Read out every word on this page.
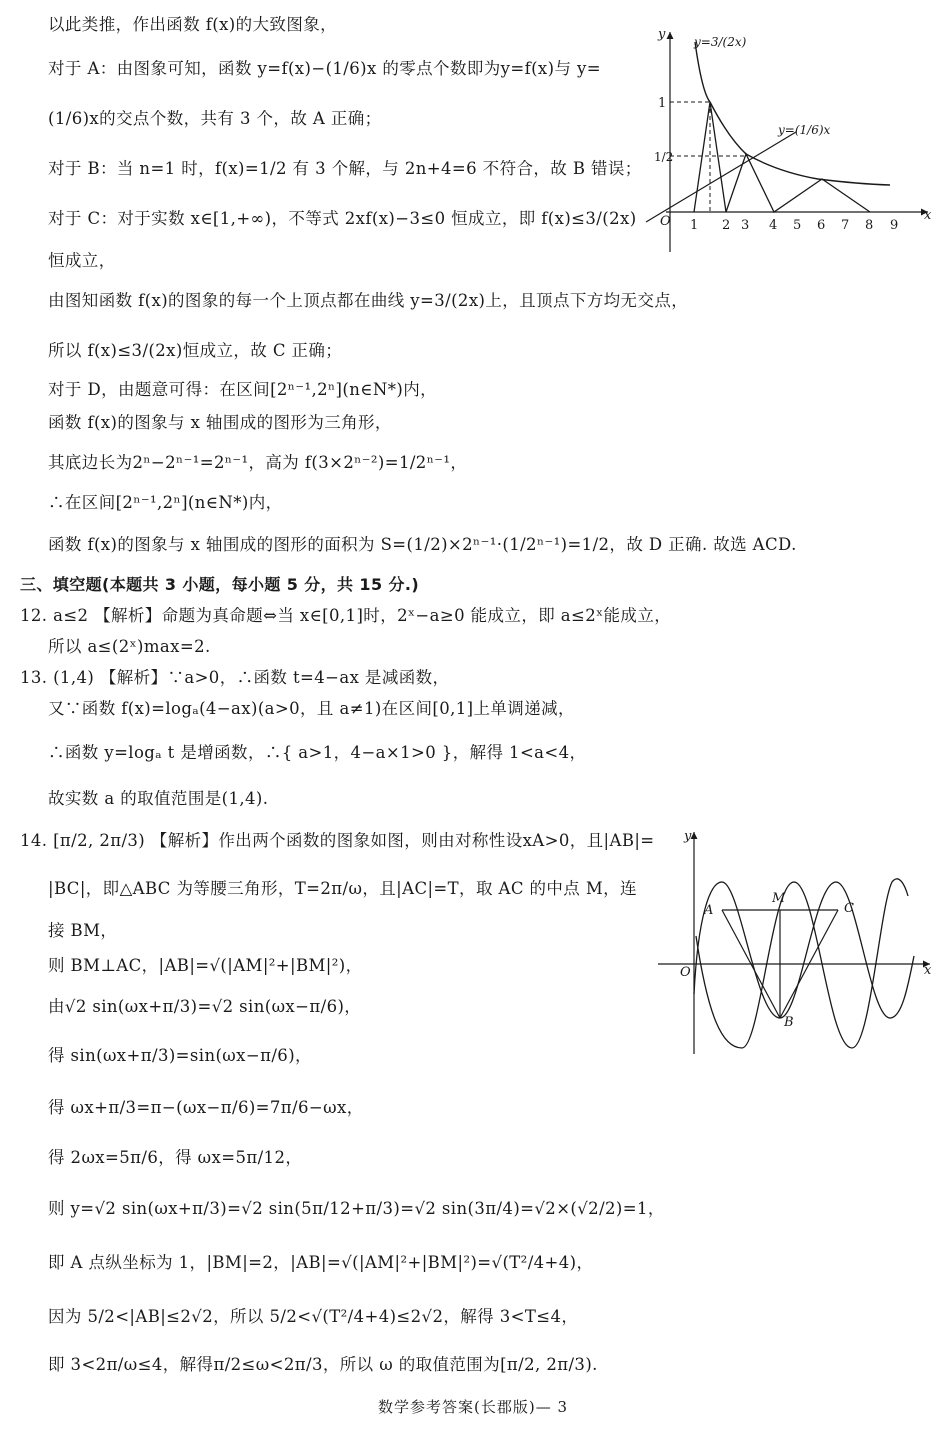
以此类推，作出函数 f(x)的大致图象，
对于 A：由图象可知，函数 y=f(x)−(1/6)x 的零点个数即为y=f(x)与 y=
(1/6)x的交点个数，共有 3 个，故 A 正确；
对于 B：当 n=1 时，f(x)=1/2 有 3 个解，与 2n+4=6 不符合，故 B 错误；
对于 C：对于实数 x∈[1,+∞)，不等式 2xf(x)−3≤0 恒成立，即 f(x)≤3/(2x)
恒成立，
由图知函数 f(x)的图象的每一个上顶点都在曲线 y=3/(2x)上，且顶点下方均无交点，
所以 f(x)≤3/(2x)恒成立，故 C 正确；
对于 D，由题意可得：在区间[2ⁿ⁻¹,2ⁿ](n∈N*)内，
函数 f(x)的图象与 x 轴围成的图形为三角形，
其底边长为2ⁿ−2ⁿ⁻¹=2ⁿ⁻¹，高为 f(3×2ⁿ⁻²)=1/2ⁿ⁻¹，
∴在区间[2ⁿ⁻¹,2ⁿ](n∈N*)内，
函数 f(x)的图象与 x 轴围成的图形的面积为 S=(1/2)×2ⁿ⁻¹·(1/2ⁿ⁻¹)=1/2，故 D 正确. 故选 ACD.
三、填空题(本题共 3 小题，每小题 5 分，共 15 分.)
12. a≤2 【解析】命题为真命题⇔当 x∈[0,1]时，2ˣ−a≥0 能成立，即 a≤2ˣ能成立，
所以 a≤(2ˣ)max=2.
13. (1,4) 【解析】∵a>0，∴函数 t=4−ax 是减函数，
又∵函数 f(x)=logₐ(4−ax)(a>0，且 a≠1)在区间[0,1]上单调递减，
∴函数 y=logₐ t 是增函数，∴{ a>1，4−a×1>0 }，解得 1<a<4，
故实数 a 的取值范围是(1,4).
14. [π/2, 2π/3) 【解析】作出两个函数的图象如图，则由对称性设xA>0，且|AB|=
|BC|，即△ABC 为等腰三角形，T=2π/ω，且|AC|=T，取 AC 的中点 M，连
接 BM，
则 BM⊥AC，|AB|=√(|AM|²+|BM|²)，
由√2 sin(ωx+π/3)=√2 sin(ωx−π/6)，
得 sin(ωx+π/3)=sin(ωx−π/6)，
得 ωx+π/3=π−(ωx−π/6)=7π/6−ωx，
得 2ωx=5π/6，得 ωx=5π/12，
则 y=√2 sin(ωx+π/3)=√2 sin(5π/12+π/3)=√2 sin(3π/4)=√2×(√2/2)=1，
即 A 点纵坐标为 1，|BM|=2，|AB|=√(|AM|²+|BM|²)=√(T²/4+4)，
因为 5/2<|AB|≤2√2，所以 5/2<√(T²/4+4)≤2√2，解得 3<T≤4，
即 3<2π/ω≤4，解得π/2≤ω<2π/3，所以 ω 的取值范围为[π/2, 2π/3).
数学参考答案(长郡版)— 3
y
x
O
1
1/2
1 2 3 4 5 6 7 8 9
y=3/(2x)
y=(1/6)x
y
x
O
A
B
C
M
